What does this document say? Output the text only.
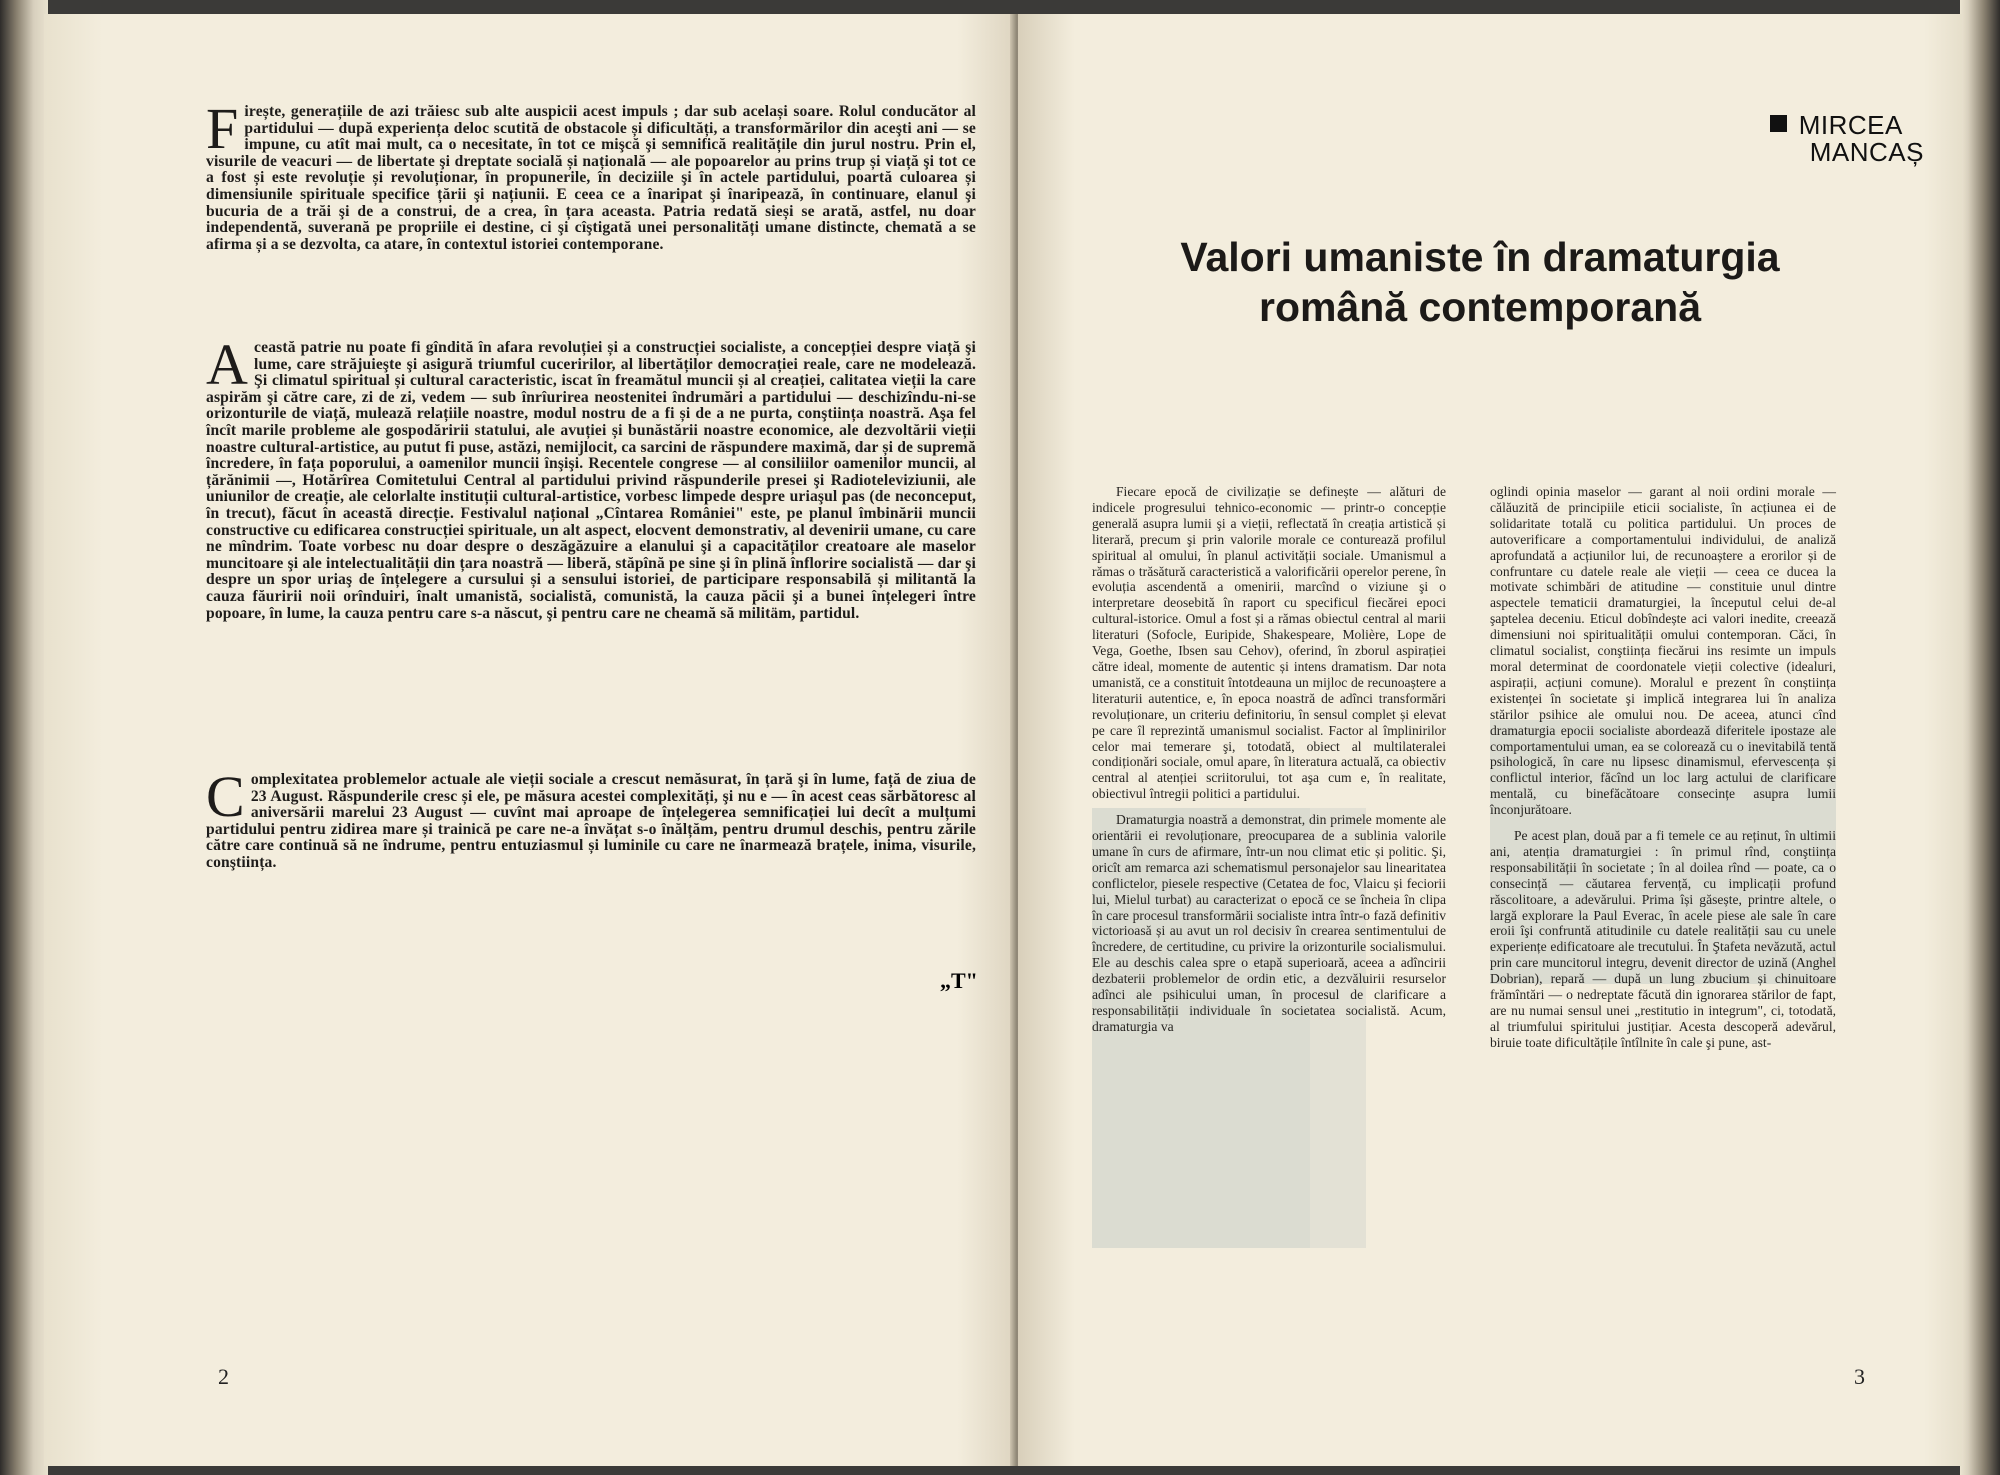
F irește, generațiile de azi trăiesc sub alte auspicii acest impuls ; dar sub același soare. Rolul conducător al partidului — după experiența deloc scutită de obstacole și dificultăți, a transformărilor din aceşti ani — se impune, cu atît mai mult, ca o necesitate, în tot ce mişcă şi semnifică realitățile din jurul nostru. Prin el, visurile de veacuri — de libertate şi dreptate socială și națională — ale popoarelor au prins trup și viață şi tot ce a fost și este revoluție și revoluționar, în propunerile, în deciziile şi în actele partidului, poartă culoarea și dimensiunile spirituale specifice țării şi națiunii. E ceea ce a înaripat şi înaripează, în continuare, elanul şi bucuria de a trăi şi de a construi, de a crea, în țara aceasta. Patria redată sieși se arată, astfel, nu doar independentă, suverană pe propriile ei destine, ci şi cîştigată unei personalități umane distincte, chemată a se afirma și a se dezvolta, ca atare, în contextul istoriei contemporane.
A ceastă patrie nu poate fi gîndită în afara revoluției și a construcției socialiste, a concepției despre viață şi lume, care străjuieşte şi asigură triumful cuceririlor, al libertăților democrației reale, care ne modelează. Şi climatul spiritual și cultural caracteristic, iscat în freamătul muncii și al creației, calitatea vieții la care aspirăm şi către care, zi de zi, vedem — sub înrîurirea neostenitei îndrumări a partidului — deschizîndu-ni-se orizonturile de viață, mulează relațiile noastre, modul nostru de a fi și de a ne purta, conştiința noastră. Aşa fel încît marile probleme ale gospodăririi statului, ale avuției și bunăstării noastre economice, ale dezvoltării vieții noastre cultural-artistice, au putut fi puse, astăzi, nemijlocit, ca sarcini de răspundere maximă, dar și de supremă încredere, în fața poporului, a oamenilor muncii înşişi. Recentele congrese — al consiliilor oamenilor muncii, al țărănimii —, Hotărîrea Comitetului Central al partidului privind răspunderile presei şi Radioteleviziunii, ale uniunilor de creație, ale celorlalte instituții cultural-artistice, vorbesc limpede despre uriaşul pas (de neconceput, în trecut), făcut în această direcție. Festivalul național „Cîntarea României" este, pe planul îmbinării muncii constructive cu edificarea construcției spirituale, un alt aspect, elocvent demonstrativ, al devenirii umane, cu care ne mîndrim. Toate vorbesc nu doar despre o deszăgăzuire a elanului şi a capacităților creatoare ale maselor muncitoare şi ale intelectualității din țara noastră — liberă, stăpînă pe sine şi în plină înflorire socialistă — dar şi despre un spor uriaş de înțelegere a cursului și a sensului istoriei, de participare responsabilă și militantă la cauza făuririi noii orînduiri, înalt umanistă, socialistă, comunistă, la cauza păcii şi a bunei înțelegeri între popoare, în lume, la cauza pentru care s-a născut, şi pentru care ne cheamă să militäm, partidul.
C omplexitatea problemelor actuale ale vieții sociale a crescut nemăsurat, în țară şi în lume, față de ziua de 23 August. Răspunderile cresc și ele, pe măsura acestei complexități, şi nu e — în acest ceas sărbătoresc al aniversării marelui 23 August — cuvînt mai aproape de înțelegerea semnificației lui decît a mulțumi partidului pentru zidirea mare și trainică pe care ne-a învățat s-o înălțăm, pentru drumul deschis, pentru zările către care continuă să ne îndrume, pentru entuziasmul și luminile cu care ne înarmează brațele, inima, visurile, conştiința.
„T"
2
MIRCEA
MANCAȘ
Valori umaniste în dramaturgia
română contemporană

Fiecare epocă de civilizație se definește — alături de indicele progresului tehnico-economic — printr-o concepție generală asupra lumii şi a vieții, reflectată în creația artistică și literară, precum şi prin valorile morale ce conturează profilul spiritual al omului, în planul activității sociale. Umanismul a rămas o trăsătură caracteristică a valorificării operelor perene, în evoluția ascendentă a omenirii, marcînd o viziune şi o interpretare deosebită în raport cu specificul fiecărei epoci cultural-istorice. Omul a fost și a rămas obiectul central al marii literaturi (Sofocle, Euripide, Shakespeare, Molière, Lope de Vega, Goethe, Ibsen sau Cehov), oferind, în zborul aspirației către ideal, momente de autentic și intens dramatism. Dar nota umanistă, ce a constituit întotdeauna un mijloc de recunoaștere a literaturii autentice, e, în epoca noastră de adînci transformări revoluționare, un criteriu definitoriu, în sensul complet și elevat pe care îl reprezintă umanismul socialist. Factor al împlinirilor celor mai temerare şi, totodată, obiect al multilateralei condiționări sociale, omul apare, în literatura actuală, ca obiectiv central al atenției scriitorului, tot aşa cum e, în realitate, obiectivul întregii politici a partidului.

Dramaturgia noastră a demonstrat, din primele momente ale orientării ei revoluționare, preocuparea de a sublinia valorile umane în curs de afirmare, într-un nou climat etic și politic. Şi, oricît am remarca azi schematismul personajelor sau linearitatea conflictelor, piesele respective (Cetatea de foc, Vlaicu și feciorii lui, Mielul turbat) au caracterizat o epocă ce se încheia în clipa în care procesul transformării socialiste intra într-o fază definitiv victorioasă și au avut un rol decisiv în crearea sentimentului de încredere, de certitudine, cu privire la orizonturile socialismului. Ele au deschis calea spre o etapă superioară, aceea a adîncirii dezbaterii problemelor de ordin etic, a dezvăluirii resurselor adînci ale psihicului uman, în procesul de clarificare a responsabilității individuale în societatea socialistă. Acum, dramaturgia va

oglindi opinia maselor — garant al noii ordini morale — călăuzită de principiile eticii socialiste, în acțiunea ei de solidaritate totală cu politica partidului. Un proces de autoverificare a comportamentului individului, de analiză aprofundată a acțiunilor lui, de recunoaștere a erorilor și de confruntare cu datele reale ale vieții — ceea ce ducea la motivate schimbări de atitudine — constituie unul dintre aspectele tematicii dramaturgiei, la începutul celui de-al şaptelea deceniu. Eticul dobîndește aci valori inedite, creează dimensiuni noi spiritualității omului contemporan. Căci, în climatul socialist, conştiința fiecărui ins resimte un impuls moral determinat de coordonatele vieții colective (idealuri, aspirații, acțiuni comune). Moralul e prezent în conștiința existenței în societate şi implică integrarea lui în analiza stărilor psihice ale omului nou. De aceea, atunci cînd dramaturgia epocii socialiste abordează diferitele ipostaze ale comportamentului uman, ea se colorează cu o inevitabilă tentă psihologică, în care nu lipsesc dinamismul, efervescența și conflictul interior, făcînd un loc larg actului de clarificare mentală, cu binefăcătoare consecințe asupra lumii înconjurătoare.

Pe acest plan, două par a fi temele ce au reținut, în ultimii ani, atenția dramaturgiei : în primul rînd, conştiința responsabilității în societate ; în al doilea rînd — poate, ca o consecință — căutarea fervență, cu implicații profund răscolitoare, a adevărului. Prima își găsește, printre altele, o largă explorare la Paul Everac, în acele piese ale sale în care eroii îşi confruntă atitudinile cu datele realității sau cu unele experiențe edificatoare ale trecutului. În Ştafeta nevăzută, actul prin care muncitorul integru, devenit director de uzină (Anghel Dobrian), repară — după un lung zbucium și chinuitoare frămîntări — o nedreptate făcută din ignorarea stărilor de fapt, are nu numai sensul unei „restitutio in integrum", ci, totodată, al triumfului spiritului justițiar. Acesta descoperă adevărul, biruie toate dificultățile întîlnite în cale şi pune, ast-

3
